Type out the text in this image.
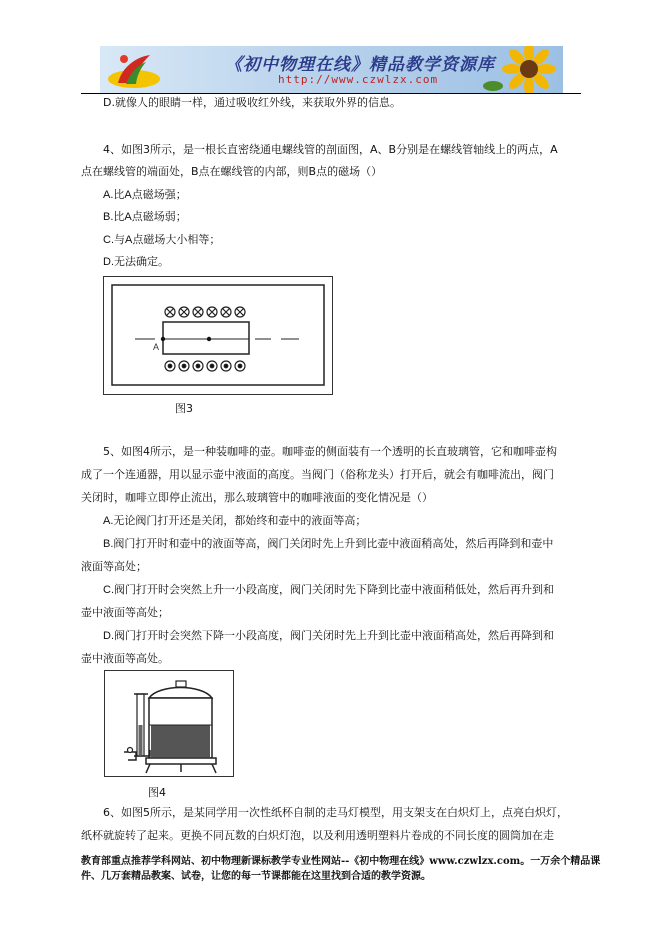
《初中物理在线》精品教学资源库
http://www.czwlzx.com
D.就像人的眼睛一样，通过吸收红外线，来获取外界的信息。
4、如图3所示，是一根长直密绕通电螺线管的剖面图，A、B分别是在螺线管轴线上的两点，A
点在螺线管的端面处，B点在螺线管的内部，则B点的磁场（）
A.比A点磁场强；
B.比A点磁场弱；
C.与A点磁场大小相等；
D.无法确定。
A
图3
5、如图4所示，是一种装咖啡的壶。咖啡壶的侧面装有一个透明的长直玻璃管，它和咖啡壶构
成了一个连通器，用以显示壶中液面的高度。当阀门（俗称龙头）打开后，就会有咖啡流出，阀门
关闭时，咖啡立即停止流出，那么玻璃管中的咖啡液面的变化情况是（）
A.无论阀门打开还是关闭，都始终和壶中的液面等高；
B.阀门打开时和壶中的液面等高，阀门关闭时先上升到比壶中液面稍高处，然后再降到和壶中
液面等高处；
C.阀门打开时会突然上升一小段高度，阀门关闭时先下降到比壶中液面稍低处，然后再升到和
壶中液面等高处；
D.阀门打开时会突然下降一小段高度，阀门关闭时先上升到比壶中液面稍高处，然后再降到和
壶中液面等高处。
图4
6、如图5所示，是某同学用一次性纸杯自制的走马灯模型，用支架支在白炽灯上，点亮白炽灯，
纸杯就旋转了起来。更换不同瓦数的白炽灯泡，以及利用透明塑料片卷成的不同长度的圆筒加在走
教育部重点推荐学科网站、初中物理新课标教学专业性网站--《初中物理在线》www.czwlzx.com。一万余个精品课
件、几万套精品教案、试卷，让您的每一节课都能在这里找到合适的教学资源。
